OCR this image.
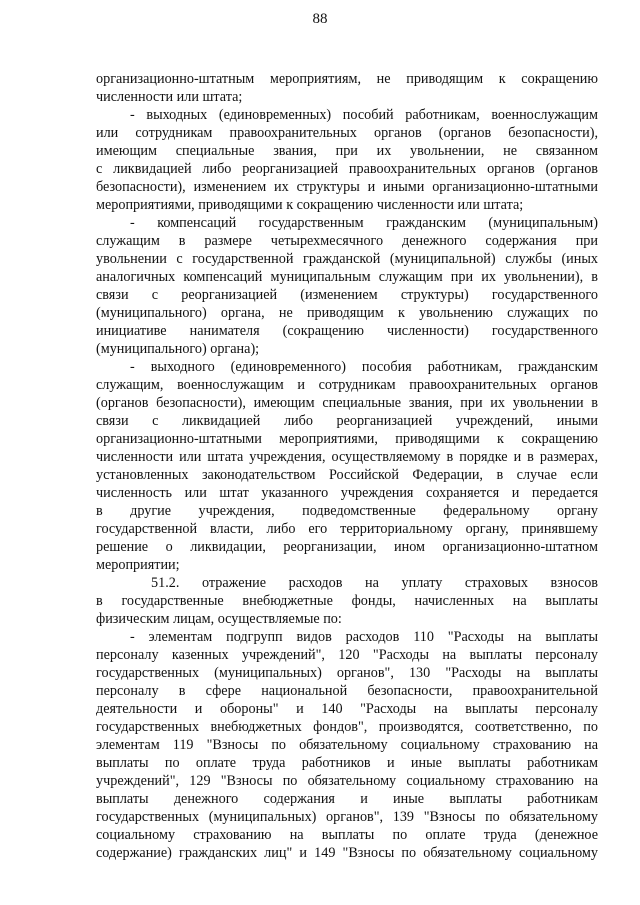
88
организационно-штатным мероприятиям, не приводящим к сокращению
численности или штата;
- выходных (единовременных) пособий работникам, военнослужащим
или сотрудникам правоохранительных органов (органов безопасности),
имеющим специальные звания, при их увольнении, не связанном
с ликвидацией либо реорганизацией правоохранительных органов (органов
безопасности), изменением их структуры и иными организационно-штатными
мероприятиями, приводящими к сокращению численности или штата;
- компенсаций государственным гражданским (муниципальным)
служащим в размере четырехмесячного денежного содержания при
увольнении с государственной гражданской (муниципальной) службы (иных
аналогичных компенсаций муниципальным служащим при их увольнении), в
связи с реорганизацией (изменением структуры) государственного
(муниципального) органа, не приводящим к увольнению служащих по
инициативе нанимателя (сокращению численности) государственного
(муниципального) органа);
- выходного (единовременного) пособия работникам, гражданским
служащим, военнослужащим и сотрудникам правоохранительных органов
(органов безопасности), имеющим специальные звания, при их увольнении в
связи с ликвидацией либо реорганизацией учреждений, иными
организационно-штатными мероприятиями, приводящими к сокращению
численности или штата учреждения, осуществляемому в порядке и в размерах,
установленных законодательством Российской Федерации, в случае если
численность или штат указанного учреждения сохраняется и передается
в другие учреждения, подведомственные федеральному органу
государственной власти, либо его территориальному органу, принявшему
решение о ликвидации, реорганизации, ином организационно-штатном
мероприятии;
51.2. отражение расходов на уплату страховых взносов
в государственные внебюджетные фонды, начисленных на выплаты
физическим лицам, осуществляемые по:
- элементам подгрупп видов расходов 110 "Расходы на выплаты
персоналу казенных учреждений", 120 "Расходы на выплаты персоналу
государственных (муниципальных) органов", 130 "Расходы на выплаты
персоналу в сфере национальной безопасности, правоохранительной
деятельности и обороны" и 140 "Расходы на выплаты персоналу
государственных внебюджетных фондов", производятся, соответственно, по
элементам 119 "Взносы по обязательному социальному страхованию на
выплаты по оплате труда работников и иные выплаты работникам
учреждений", 129 "Взносы по обязательному социальному страхованию на
выплаты денежного содержания и иные выплаты работникам
государственных (муниципальных) органов", 139 "Взносы по обязательному
социальному страхованию на выплаты по оплате труда (денежное
содержание) гражданских лиц" и 149 "Взносы по обязательному социальному
